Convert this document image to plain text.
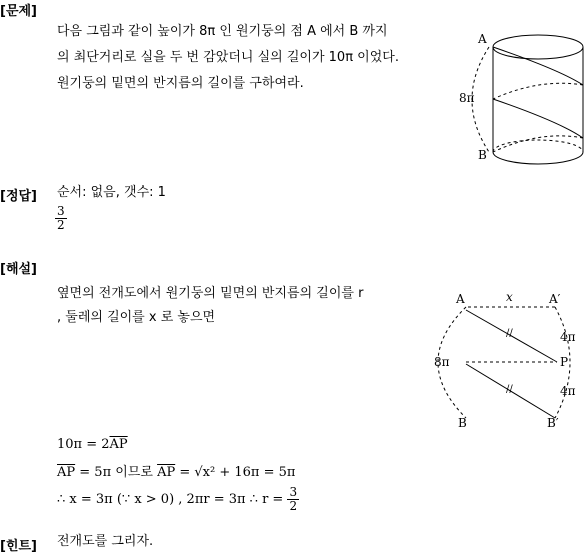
[문제]
[정답]
[해설]
[힌트]
다음 그림과 같이 높이가 8π 인 원기둥의 점 A 에서 B 까지
의 최단거리로 실을 두 번 감았더니 실의 길이가 10π 이었다.
원기둥의 밑면의 반지름의 길이를 구하여라.
A
B
8π
순서: 없음, 갯수: 1
$\frac{3}{2}$
옆면의 전개도에서 원기둥의 밑면의 반지름의 길이를 r
, 둘레의 길이를 x 로 놓으면
A	A′
x
4π
P
4π
8π
//
//
B	B′
$10\pi = 2\overline{AP}$
$\overline{AP} = 5\pi$ 이므로 $\overline{AP} = √x^2 + 16\pi = 5\pi$
∴ x = 3π (∵ x > 0) , 2πr = 3π ∴ $r = \frac{3}{2}$
전개도를 그리자.
